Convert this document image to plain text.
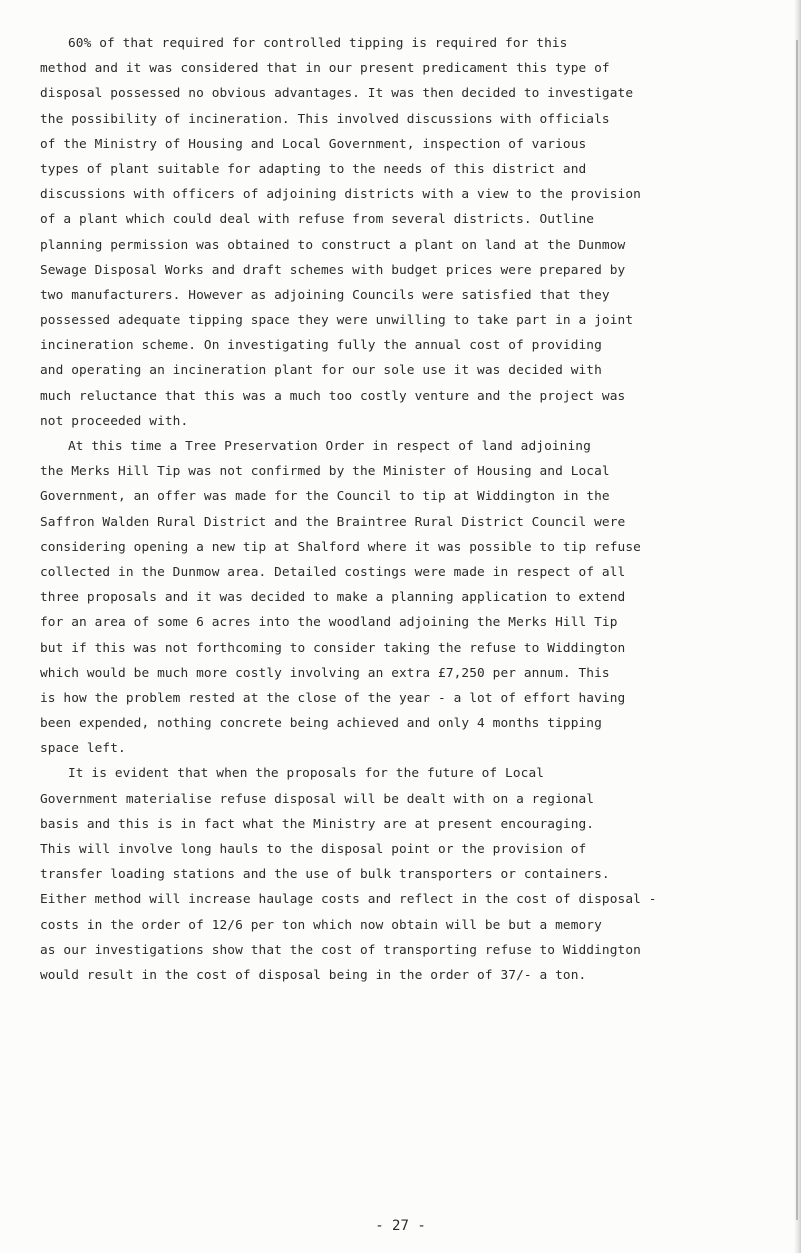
60% of that required for controlled tipping is required for this
method and it was considered that in our present predicament this type of
disposal possessed no obvious advantages. It was then decided to investigate
the possibility of incineration. This involved discussions with officials
of the Ministry of Housing and Local Government, inspection of various
types of plant suitable for adapting to the needs of this district and
discussions with officers of adjoining districts with a view to the provision
of a plant which could deal with refuse from several districts. Outline
planning permission was obtained to construct a plant on land at the Dunmow
Sewage Disposal Works and draft schemes with budget prices were prepared by
two manufacturers. However as adjoining Councils were satisfied that they
possessed adequate tipping space they were unwilling to take part in a joint
incineration scheme. On investigating fully the annual cost of providing
and operating an incineration plant for our sole use it was decided with
much reluctance that this was a much too costly venture and the project was
not proceeded with.
At this time a Tree Preservation Order in respect of land adjoining
the Merks Hill Tip was not confirmed by the Minister of Housing and Local
Government, an offer was made for the Council to tip at Widdington in the
Saffron Walden Rural District and the Braintree Rural District Council were
considering opening a new tip at Shalford where it was possible to tip refuse
collected in the Dunmow area. Detailed costings were made in respect of all
three proposals and it was decided to make a planning application to extend
for an area of some 6 acres into the woodland adjoining the Merks Hill Tip
but if this was not forthcoming to consider taking the refuse to Widdington
which would be much more costly involving an extra £7,250 per annum. This
is how the problem rested at the close of the year - a lot of effort having
been expended, nothing concrete being achieved and only 4 months tipping
space left.
It is evident that when the proposals for the future of Local
Government materialise refuse disposal will be dealt with on a regional
basis and this is in fact what the Ministry are at present encouraging.
This will involve long hauls to the disposal point or the provision of
transfer loading stations and the use of bulk transporters or containers.
Either method will increase haulage costs and reflect in the cost of disposal -
costs in the order of 12/6 per ton which now obtain will be but a memory
as our investigations show that the cost of transporting refuse to Widdington
would result in the cost of disposal being in the order of 37/- a ton.
- 27 -
